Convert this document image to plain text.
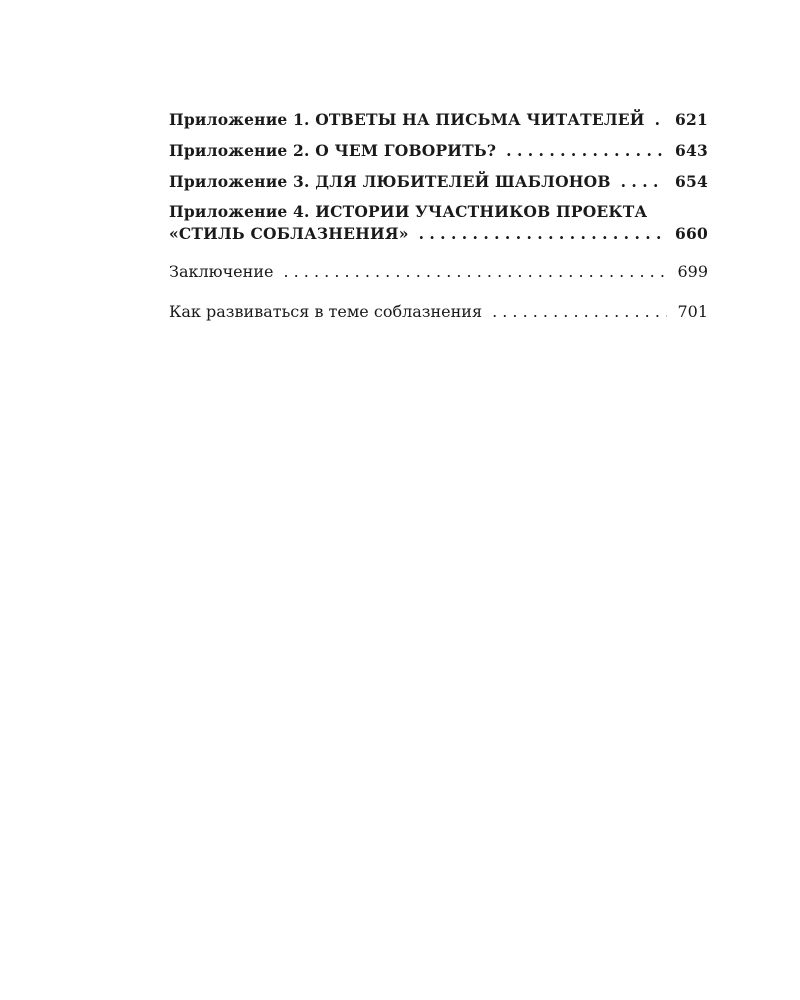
Приложение 1. ОТВЕТЫ НА ПИСЬМА ЧИТАТЕЛЕЙ . . . 621
Приложение 2. О ЧЕМ ГОВОРИТЬ? . . .	643
Приложение 3. ДЛЯ ЛЮБИТЕЛЕЙ ШАБЛОНОВ . . .	654
Приложение 4. ИСТОРИИ УЧАСТНИКОВ ПРОЕКТА
«СТИЛЬ СОБЛАЗНЕНИЯ» . . .	660
Заключение . . .	699
Как развиваться в теме соблазнения . . .	701
